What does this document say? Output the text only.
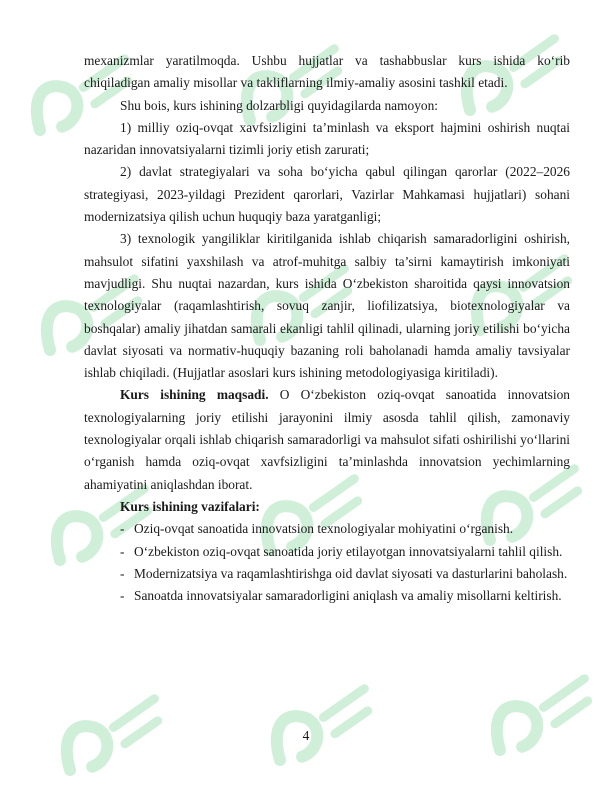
mexanizmlar yaratilmoqda. Ushbu hujjatlar va tashabbuslar kurs ishida ko‘rib chiqiladigan amaliy misollar va takliflarning ilmiy-amaliy asosini tashkil etadi.

Shu bois, kurs ishining dolzarbligi quyidagilarda namoyon:

1) milliy oziq-ovqat xavfsizligini ta’minlash va eksport hajmini oshirish nuqtai nazaridan innovatsiyalarni tizimli joriy etish zarurati;

2) davlat strategiyalari va soha bo‘yicha qabul qilingan qarorlar (2022–2026 strategiyasi, 2023-yildagi Prezident qarorlari, Vazirlar Mahkamasi hujjatlari) sohani modernizatsiya qilish uchun huquqiy baza yaratganligi;

3) texnologik yangiliklar kiritilganida ishlab chiqarish samaradorligini oshirish, mahsulot sifatini yaxshilash va atrof-muhitga salbiy ta’sirni kamaytirish imkoniyati mavjudligi. Shu nuqtai nazardan, kurs ishida O‘zbekiston sharoitida qaysi innovatsion texnologiyalar (raqamlashtirish, sovuq zanjir, liofilizatsiya, biotexnologiyalar va boshqalar) amaliy jihatdan samarali ekanligi tahlil qilinadi, ularning joriy etilishi bo‘yicha davlat siyosati va normativ-huquqiy bazaning roli baholanadi hamda amaliy tavsiyalar ishlab chiqiladi. (Hujjatlar asoslari kurs ishining metodologiyasiga kiritiladi).

Kurs ishining maqsadi. O O‘zbekiston oziq-ovqat sanoatida innovatsion texnologiyalarning joriy etilishi jarayonini ilmiy asosda tahlil qilish, zamonaviy texnologiyalar orqali ishlab chiqarish samaradorligi va mahsulot sifati oshirilishi yo‘llarini o‘rganish hamda oziq-ovqat xavfsizligini ta’minlashda innovatsion yechimlarning ahamiyatini aniqlashdan iborat.

Kurs ishining vazifalari:

- Oziq-ovqat sanoatida innovatsion texnologiyalar mohiyatini o‘rganish.

- O‘zbekiston oziq-ovqat sanoatida joriy etilayotgan innovatsiyalarni tahlil qilish.

- Modernizatsiya va raqamlashtirishga oid davlat siyosati va dasturlarini baholash.

- Sanoatda innovatsiyalar samaradorligini aniqlash va amaliy misollarni keltirish.

4
